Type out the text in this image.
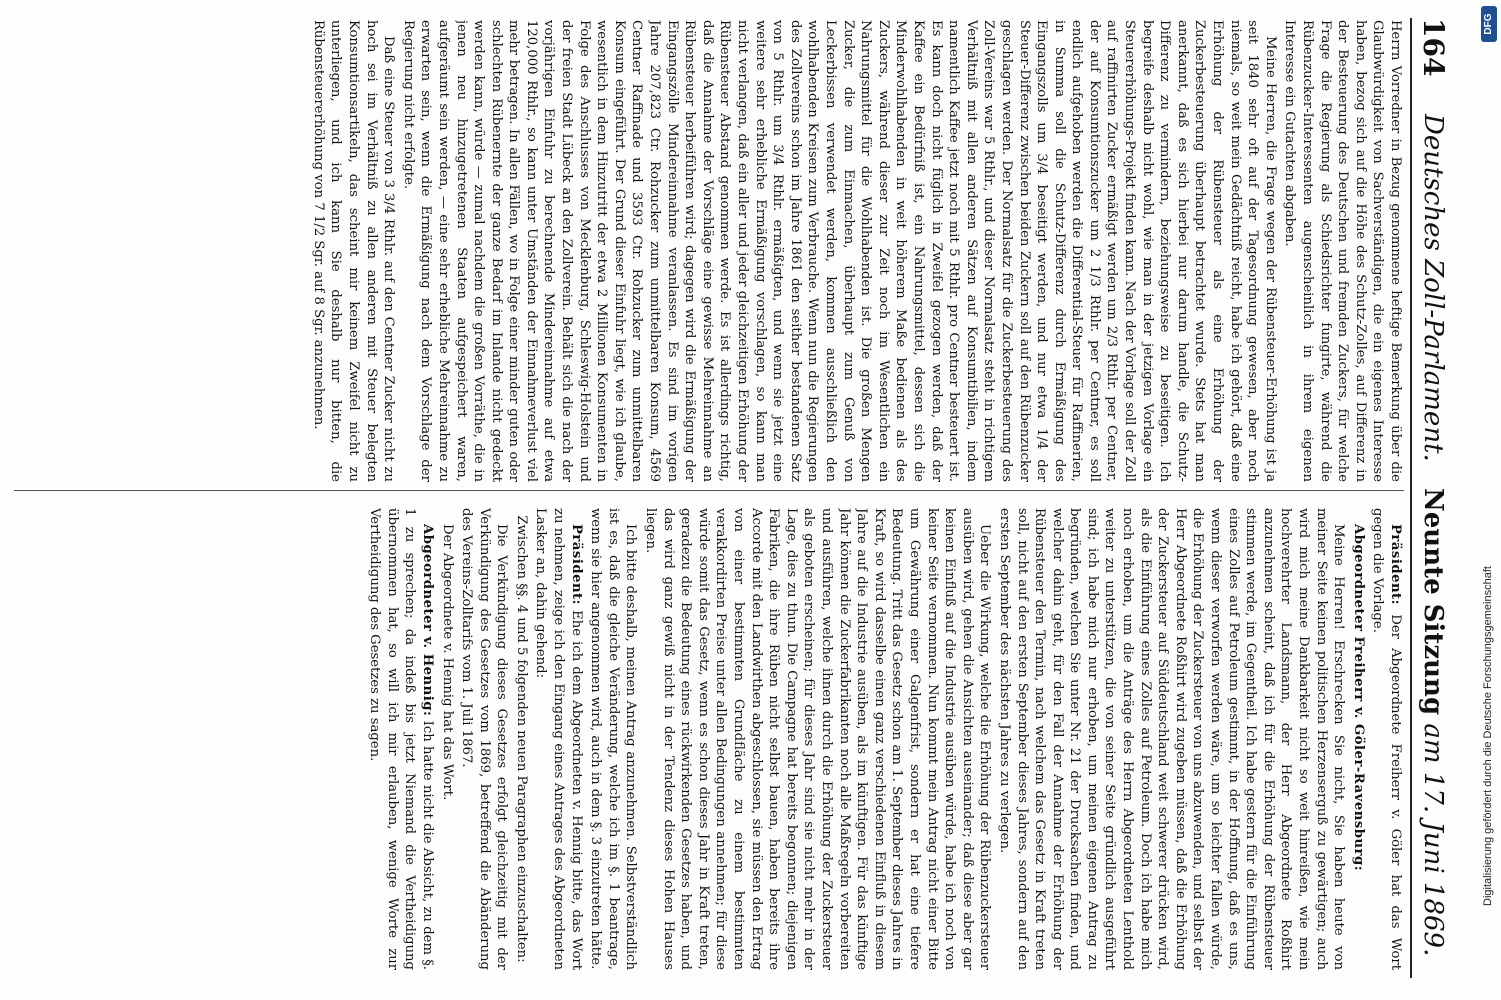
164
Deutsches Zoll-Parlament.
Neunte Sitzung am 17. Juni 1869.

Herrn Vorredner in Bezug genommene heftige Bemerkung über die Glaubwürdigkeit von Sachverständigen, die ein eigenes Interesse haben, bezog sich auf die Höhe des Schutz-Zolles, auf Differenz in der Besteuerung des Deutschen und fremden Zuckers, für welche Frage die Regierung als Schiedsrichter fungirte, während die Rübenzucker-Interessenten augenscheinlich in ihrem eigenen Interesse ein Gutachten abgaben.

Meine Herren, die Frage wegen der Rübensteuer-Erhöhung ist ja seit 1840 sehr oft auf der Tagesordnung gewesen, aber noch niemals, so weit mein Gedächtniß reicht, habe ich gehört, daß eine Erhöhung der Rübensteuer als eine Erhöhung der Zuckerbesteuerung überhaupt betrachtet wurde. Stets hat man anerkannt, daß es sich hierbei nur darum handle, die Schutz-Differenz zu vermindern, beziehungsweise zu beseitigen. Ich begreife deshalb nicht wohl, wie man in der jetzigen Vorlage ein Steuererhöhungs-Projekt finden kann. Nach der Vorlage soll der Zoll auf raffinirten Zucker ermäßigt werden um 2/3 Rthlr. per Centner, der auf Konsumtionszucker um 2 1/3 Rthlr. per Centner, es soll endlich aufgehoben werden die Differential-Steuer für Raffinerien, in Summa soll die Schutz-Differenz durch Ermäßigung des Eingangszolls um 3/4 beseitigt werden, und nur etwa 1/4 der Steuer-Differenz zwischen beiden Zuckern soll auf den Rübenzucker geschlagen werden. Der Normalsatz für die Zuckerbesteuerung des Zoll-Vereins war 5 Rthlr., und dieser Normalsatz steht in richtigem Verhältniß mit allen anderen Sätzen auf Konsumtibilien, indem namentlich Kaffee jetzt noch mit 5 Rthlr. pro Centner besteuert ist. Es kann doch nicht füglich in Zweifel gezogen werden, daß der Kaffee ein Bedürfniß ist, ein Nahrungsmittel, dessen sich die Minderwohlhabenden in weit höherem Maße bedienen als des Zuckers, während dieser zur Zeit noch im Wesentlichen ein Nahrungsmittel für die Wohlhabenden ist. Die großen Mengen Zucker, die zum Einmachen, überhaupt zum Genuß von Leckerbissen verwendet werden, kommen ausschließlich den wohlhabenden Kreisen zum Verbrauche. Wenn nun die Regierungen des Zollvereins schon im Jahre 1861 den seither bestandenen Satz von 5 Rthlr. um 3/4 Rthlr. ermäßigten, und wenn sie jetzt eine weitere sehr erhebliche Ermäßigung vorschlagen, so kann man nicht verlangen, daß ein aller und jeder gleichzeitigen Erhöhung der Rübensteuer Abstand genommen werde. Es ist allerdings richtig, daß die Annahme der Vorschläge eine gewisse Mehreinnahme an Rübensteuer herbeiführen wird; dagegen wird die Ermäßigung der Eingangszölle Mindereinnahme veranlassen. Es sind im vorigen Jahre 207,823 Ctr. Rohzucker zum unmittelbaren Konsum, 4569 Centner Raffinade und 3593 Ctr. Rohzucker zum unmittelbaren Konsum eingeführt. Der Grund dieser Einfuhr liegt, wie ich glaube, wesentlich in dem Hinzutritt der etwa 2 Millionen Konsumenten in Folge des Anschlusses von Mecklenburg, Schleswig-Holstein und der freien Stadt Lübeck an den Zollverein. Behält sich die nach der vorjährigen Einfuhr zu berechnende Mindereinnahme auf etwa 120,000 Rthlr., so kann unter Umständen der Einnahmeverlust viel mehr betragen. In allen Fällen, wo in Folge einer minder guten oder schlechten Rübenernte der ganze Bedarf im Inlande nicht gedeckt werden kann, würde — zumal nachdem die großen Vorräthe, die in jenen neu hinzugetretenen Staaten aufgespeichert waren, aufgeräumt sein werden, — eine sehr erhebliche Mehreinnahme zu erwarten sein, wenn die Ermäßigung nach dem Vorschlage der Regierung nicht erfolgte.

Daß eine Steuer von 3 3/4 Rthlr. auf den Centner Zucker nicht zu hoch sei im Verhältniß zu allen anderen mit Steuer belegten Konsumtionsartikeln, das scheint mir keinem Zweifel nicht zu unterliegen, und ich kann Sie deshalb nur bitten, die Rübensteuererhöhung von 7 1/2 Sgr. auf 8 Sgr. anzunehmen.

Präsident: Der Abgeordnete Freiherr v. Göler hat das Wort gegen die Vorlage.

Abgeordneter Freiherr v. Göler-Ravensburg:

Meine Herren! Erschrecken Sie nicht, Sie haben heute von meiner Seite keinen politischen Herzenserguß zu gewärtigen; auch wird mich meine Dankbarkeit nicht so weit hinreißen, wie mein hochverehrter Landsmann, der Herr Abgeordnete Roßhirt anzunehmen scheint, daß ich für die Erhöhung der Rübensteuer stimmen werde, im Gegentheil. Ich habe gestern für die Einführung eines Zolles auf Petroleum gestimmt, in der Hoffnung, daß es uns, wenn dieser verworfen werden wäre, um so leichter fallen würde, die Erhöhung der Zuckersteuer von uns abzuwenden, und selbst der Herr Abgeordnete Roßhirt wird zugeben müssen, daß die Erhöhung der Zuckersteuer auf Süddeutschland weit schwerer drücken wird, als die Einführung eines Zolles auf Petroleum. Doch ich habe mich noch erhoben, um die Anträge des Herrn Abgeordneten Lenthold weiter zu unterstützen, die von seiner Seite gründlich ausgeführt sind; ich habe mich nur erhoben, um meinen eigenen Antrag zu begründen, welchen Sie unter Nr. 21 der Drucksachen finden, und welcher dahin geht, für den Fall der Annahme der Erhöhung der Rübensteuer den Termin, nach welchem das Gesetz in Kraft treten soll, nicht auf den ersten September dieses Jahres, sondern auf den ersten September des nächsten Jahres zu verlegen.

Ueber die Wirkung, welche die Erhöhung der Rübenzuckersteuer ausüben wird, gehen die Ansichten auseinander; daß diese aber gar keinen Einfluß auf die Industrie ausüben würde, habe ich noch von keiner Seite vernommen. Nun kommt mein Antrag nicht einer Bitte um Gewährung einer Galgenfrist, sondern er hat eine tiefere Bedeutung. Tritt das Gesetz schon am 1. September dieses Jahres in Kraft, so wird dasselbe einen ganz verschiedenen Einfluß in diesem Jahre auf die Industrie ausüben, als im künftigen. Für das künftige Jahr können die Zuckerfabrikanten noch alle Maßregeln vorbereiten und ausführen, welche ihnen durch die Erhöhung der Zuckersteuer als geboten erscheinen; für dieses Jahr sind sie nicht mehr in der Lage, dies zu thun. Die Campagne hat bereits begonnen; diejenigen Fabriken, die ihre Rüben nicht selbst bauen, haben bereits ihre Accorde mit den Landwirthen abgeschlossen, sie müssen den Ertrag von einer bestimmten Grundfläche zu einem bestimmten verakkordirten Preise unter allen Bedingungen annehmen; für diese würde somit das Gesetz, wenn es schon dieses Jahr in Kraft treten, geradezu die Bedeutung eines rückwirkenden Gesetzes haben, und das wird ganz gewiß nicht in der Tendenz dieses Hohen Hauses liegen.

Ich bitte deshalb, meinen Antrag anzunehmen. Selbstverständlich ist es, daß die gleiche Veränderung, welche ich im §. 1 beantrage, wenn sie hier angenommen wird, auch in dem §. 3 einzutreten hätte.

Präsident: Ehe ich dem Abgeordneten v. Hennig bitte, das Wort zu nehmen, zeige ich den Eingang eines Antrages des Abgeordneten Lasker an, dahin gehend:

Zwischen §§. 4 und 5 folgenden neuen Paragraphen einzuschalten:

Die Verkündigung dieses Gesetzes erfolgt gleichzeitig mit der Verkündigung des Gesetzes vom 1869, betreffend die Abänderung des Vereins-Zolltarifs vom 1. Juli 1867.

Der Abgeordnete v. Hennig hat das Wort.

Abgeordneter v. Hennig: Ich hatte nicht die Absicht, zu dem §. 1 zu sprechen; da indeß bis jetzt Niemand die Vertheidigung übernommen hat, so will ich mir erlauben, wenige Worte zur Vertheidigung des Gesetzes zu sagen.

DFG
Digitalisierung gefördert durch die Deutsche Forschungsgemeinschaft
